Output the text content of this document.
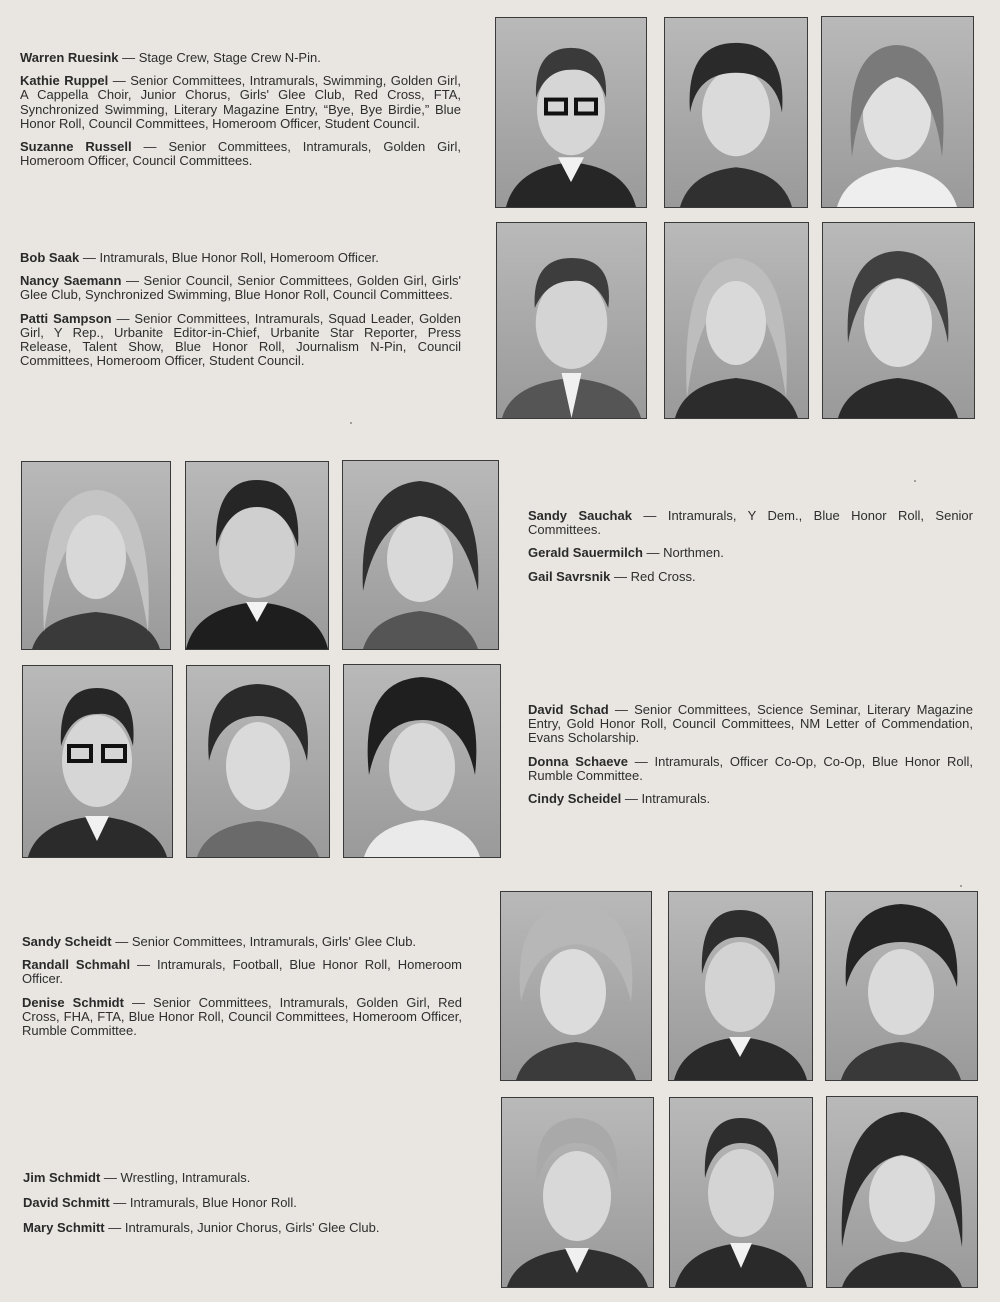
Warren Ruesink — Stage Crew, Stage Crew N-Pin.

Kathie Ruppel — Senior Committees, Intramurals, Swimming, Golden Girl, A Cappella Choir, Junior Chorus, Girls' Glee Club, Red Cross, FTA, Synchronized Swimming, Literary Magazine Entry, “Bye, Bye Birdie,” Blue Honor Roll, Council Committees, Homeroom Officer, Student Council.

Suzanne Russell — Senior Committees, Intramurals, Golden Girl, Homeroom Officer, Council Committees.

Bob Saak — Intramurals, Blue Honor Roll, Homeroom Officer.

Nancy Saemann — Senior Council, Senior Committees, Golden Girl, Girls' Glee Club, Synchronized Swimming, Blue Honor Roll, Council Committees.

Patti Sampson — Senior Committees, Intramurals, Squad Leader, Golden Girl, Y Rep., Urbanite Editor-in-Chief, Urbanite Star Reporter, Press Release, Talent Show, Blue Honor Roll, Journalism N-Pin, Council Committees, Homeroom Officer, Student Council.

Sandy Sauchak — Intramurals, Y Dem., Blue Honor Roll, Senior Committees.

Gerald Sauermilch — Northmen.

Gail Savrsnik — Red Cross.

David Schad — Senior Committees, Science Seminar, Literary Magazine Entry, Gold Honor Roll, Council Committees, NM Letter of Commendation, Evans Scholarship.

Donna Schaeve — Intramurals, Officer Co-Op, Co-Op, Blue Honor Roll, Rumble Committee.

Cindy Scheidel — Intramurals.

Sandy Scheidt — Senior Committees, Intramurals, Girls' Glee Club.

Randall Schmahl — Intramurals, Football, Blue Honor Roll, Homeroom Officer.

Denise Schmidt — Senior Committees, Intramurals, Golden Girl, Red Cross, FHA, FTA, Blue Honor Roll, Council Committees, Homeroom Officer, Rumble Committee.

Jim Schmidt — Wrestling, Intramurals.

David Schmitt — Intramurals, Blue Honor Roll.

Mary Schmitt — Intramurals, Junior Chorus, Girls' Glee Club.
